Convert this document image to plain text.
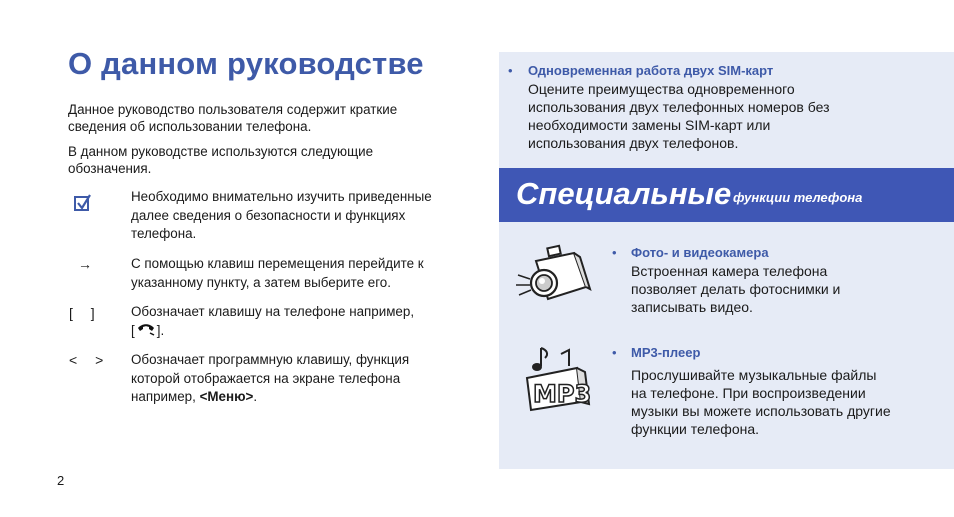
О данном руководстве

Данное руководство пользователя содержит краткие сведения об использовании телефона.

В данном руководстве используются следующие обозначения.

Необходимо внимательно изучить приведенные далее сведения о безопасности и функциях телефона.
→	С помощью клавиш перемещения перейдите к указанному пункту, а затем выберите его.
[ ]	Обозначает клавишу на телефоне например,
[ ].
< > Обозначает программную клавишу, функция которой отображается на экране телефона например, <Меню>.
2
• Одновременная работа двух SIM-карт
Оцените преимущества одновременного использования двух телефонных номеров без необходимости замены SIM-карт или использования двух телефонов.
Специальные функции телефона
• Фото- и видеокамера
Встроенная камера телефона позволяет делать фотоснимки и записывать видео.
MP3
• MP3-плеер
Прослушивайте музыкальные файлы на телефоне. При воспроизведении музыки вы можете использовать другие функции телефона.
